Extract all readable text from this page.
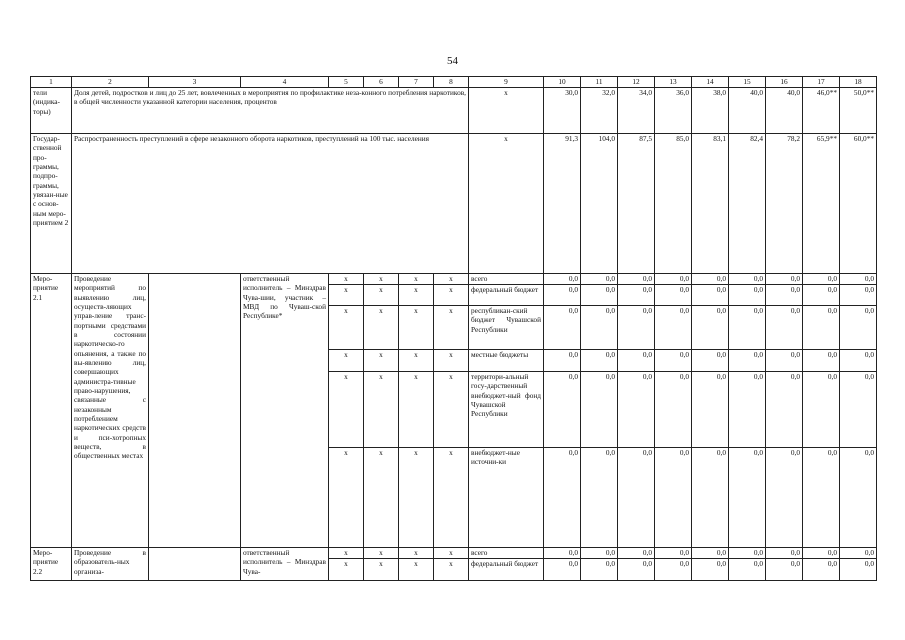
54
1	2	3	4	5	6	7	8	9	10	11	12	13	14	15	16	17	18
тели (индика-торы)	Доля детей, подростков и лиц до 25 лет, вовлеченных в мероприятия по профилактике неза-конного потребления наркотиков, в общей численности указанной категории населения, процентов							x	30,0	32,0	34,0	36,0	38,0	40,0	40,0	46,0**	50,0**
Государ-ственной про-граммы, подпро-граммы, увязан-ные с основ-ным меро-приятием 2	Распространенность преступлений в сфере незаконного оборота наркотиков, преступлений на 100 тыс. населения							x	91,3	104,0	87,5	85,0	83,1	82,4	78,2	65,9**	60,0**
Меро-приятие 2.1	Проведение мероприятий по выявлению лиц, осуществ-ляющих управ-ление транс-портными средствами в состоянии наркотическо-го опьянения, а также по вы-явлению лиц, совершающих администра-тивные право-нарушения, связанные с незаконным потреблением наркотических средств и пси-хотропных веществ, в общественных местах		ответственный исполнитель – Минздрав Чува-шии, участник – МВД по Чуваш-ской Республике*	x	x	x	x	всего	0,0	0,0	0,0	0,0	0,0	0,0	0,0	0,0	0,0
				x	x	x	x	федеральный бюджет	0,0	0,0	0,0	0,0	0,0	0,0	0,0	0,0	0,0
				x	x	x	x	республикан-ский бюджет Чувашской Республики	0,0	0,0	0,0	0,0	0,0	0,0	0,0	0,0	0,0
				x	x	x	x	местные бюджеты	0,0	0,0	0,0	0,0	0,0	0,0	0,0	0,0	0,0
				x	x	x	x	территори-альный госу-дарственный внебюджет-ный фонд Чувашской Республики	0,0	0,0	0,0	0,0	0,0	0,0	0,0	0,0	0,0
				x	x	x	x	внебюджет-ные источни-ки	0,0	0,0	0,0	0,0	0,0	0,0	0,0	0,0	0,0
Меро-приятие 2.2	Проведение в образователь-ных организа-		ответственный исполнитель – Минздрав Чува-	x	x	x	x	всего	0,0	0,0	0,0	0,0	0,0	0,0	0,0	0,0	0,0
				x	x	x	x	федеральный бюджет	0,0	0,0	0,0	0,0	0,0	0,0	0,0	0,0	0,0
